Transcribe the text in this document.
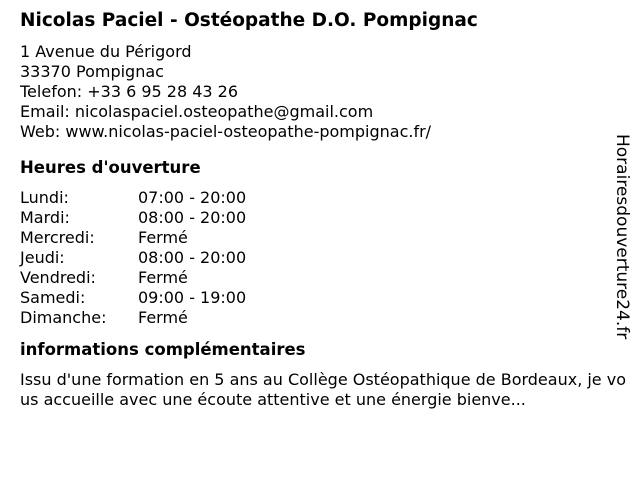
Nicolas Paciel - Ostéopathe D.O. Pompignac
1 Avenue du Périgord
33370 Pompignac
Telefon: +33 6 95 28 43 26
Email: nicolaspaciel.osteopathe@gmail.com
Web: www.nicolas-paciel-osteopathe-pompignac.fr/
Heures d'ouverture
Lundi:	07:00 - 20:00
Mardi:	08:00 - 20:00
Mercredi:	Fermé
Jeudi:	08:00 - 20:00
Vendredi:	Fermé
Samedi:	09:00 - 19:00
Dimanche:	Fermé
informations complémentaires
Issu d'une formation en 5 ans au Collège Ostéopathique de Bordeaux, je vous accueille avec une écoute attentive et une énergie bienve...
Horairesdouverture24.fr
